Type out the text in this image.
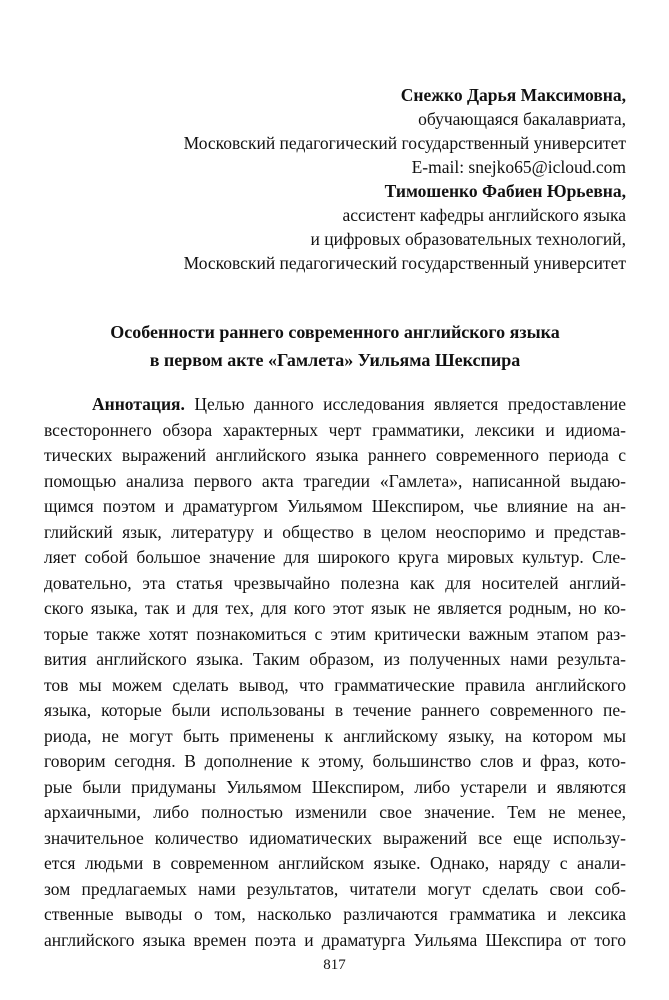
Снежко Дарья Максимовна,
обучающаяся бакалавриата,
Московский педагогический государственный университет
E-mail: snejko65@icloud.com
Тимошенко Фабиен Юрьевна,
ассистент кафедры английского языка
и цифровых образовательных технологий,
Московский педагогический государственный университет
Особенности раннего современного английского языка
в первом акте «Гамлета» Уильяма Шекспира
Аннотация. Целью данного исследования является предоставление
всестороннего обзора характерных черт грамматики, лексики и идиома-
тических выражений английского языка раннего современного периода с
помощью анализа первого акта трагедии «Гамлета», написанной выдаю-
щимся поэтом и драматургом Уильямом Шекспиром, чье влияние на ан-
глийский язык, литературу и общество в целом неоспоримо и представ-
ляет собой большое значение для широкого круга мировых культур. Сле-
довательно, эта статья чрезвычайно полезна как для носителей англий-
ского языка, так и для тех, для кого этот язык не является родным, но ко-
торые также хотят познакомиться с этим критически важным этапом раз-
вития английского языка. Таким образом, из полученных нами результа-
тов мы можем сделать вывод, что грамматические правила английского
языка, которые были использованы в течение раннего современного пе-
риода, не могут быть применены к английскому языку, на котором мы
говорим сегодня. В дополнение к этому, большинство слов и фраз, кото-
рые были придуманы Уильямом Шекспиром, либо устарели и являются
архаичными, либо полностью изменили свое значение. Тем не менее,
значительное количество идиоматических выражений все еще использу-
ется людьми в современном английском языке. Однако, наряду с анали-
зом предлагаемых нами результатов, читатели могут сделать свои соб-
ственные выводы о том, насколько различаются грамматика и лексика
английского языка времен поэта и драматурга Уильяма Шекспира от того
817
